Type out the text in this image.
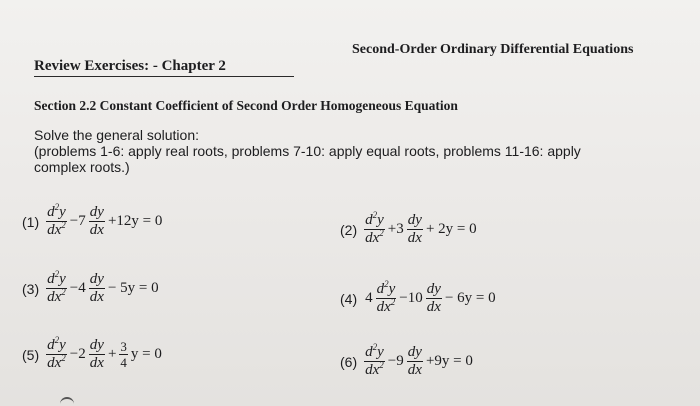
Second-Order Ordinary Differential Equations
Review Exercises: - Chapter 2
Section 2.2 Constant Coefficient of Second Order Homogeneous Equation
Solve the general solution:
(problems 1-6: apply real roots, problems 7-10: apply equal roots, problems 11-16: apply
complex roots.)
$(1) \frac{d^2y}{dx^2} -7 \frac{dy}{dx} +12y = 0$
$(2) \frac{d^2y}{dx^2} +3 \frac{dy}{dx} + 2y = 0$
$(3) \frac{d^2y}{dx^2} -4 \frac{dy}{dx} - 5y = 0$
(4) $4 \frac{d^2y}{dx^2} -10 \frac{dy}{dx} - 6y = 0$
$(5) \frac{d^2y}{dx^2} -2 \frac{dy}{dx} + \frac{3}{4}$ y = 0	$(6) \frac{d^2y}{dx^2} -9 \frac{dy}{dx} +9y = 0$
